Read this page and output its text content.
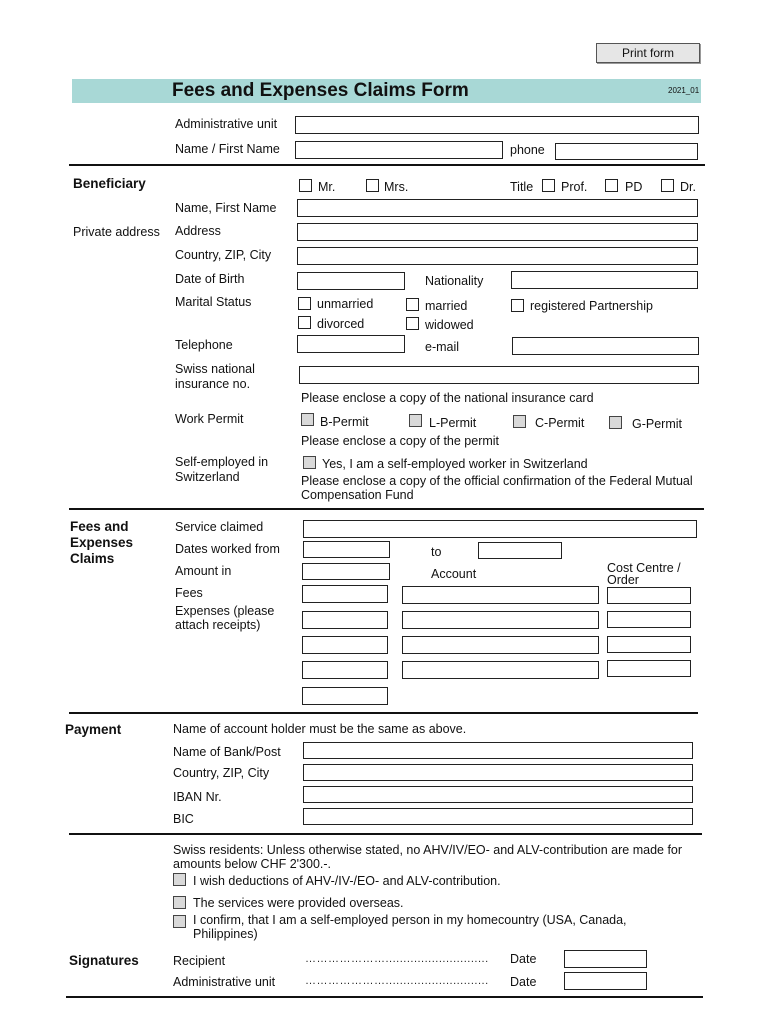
Print form
Fees and Expenses Claims Form	2021_01
Administrative unit
Name / First Name	phone
Beneficiary	Mr.	Mrs.	Title Prof.	PD	Dr.
Name, First Name
Private address Address
Country, ZIP, City
Date of Birth	Nationality
Marital Status	unmarried	married	registered Partnership
divorced	widowed
Telephone	e-mail
Swiss national
insurance no.
Please enclose a copy of the national insurance card
Work Permit	B-Permit	L-Permit	C-Permit	G-Permit
Please enclose a copy of the permit
Self-employed in
Switzerland
Yes, I am a self-employed worker in Switzerland
Please enclose a copy of the official confirmation of the Federal Mutual Compensation Fund
Fees and
Expenses
Claims
Service claimed
Dates worked from	to
Amount in	Account	Cost Centre /
Order
Fees
Expenses (please
attach receipts)
Payment	Name of account holder must be the same as above.
Name of Bank/Post
Country, ZIP, City
IBAN Nr.
BIC
Swiss residents: Unless otherwise stated, no AHV/IV/EO- and ALV-contribution are made for amounts below CHF 2'300.-.
I wish deductions of AHV-/IV-/EO- and ALV-contribution.
The services were provided overseas.
I confirm, that I am a self-employed person in my homecountry (USA, Canada, Philippines)
Signatures	Recipient	…………………............................. Date
Administrative unit	…………………............................. Date
